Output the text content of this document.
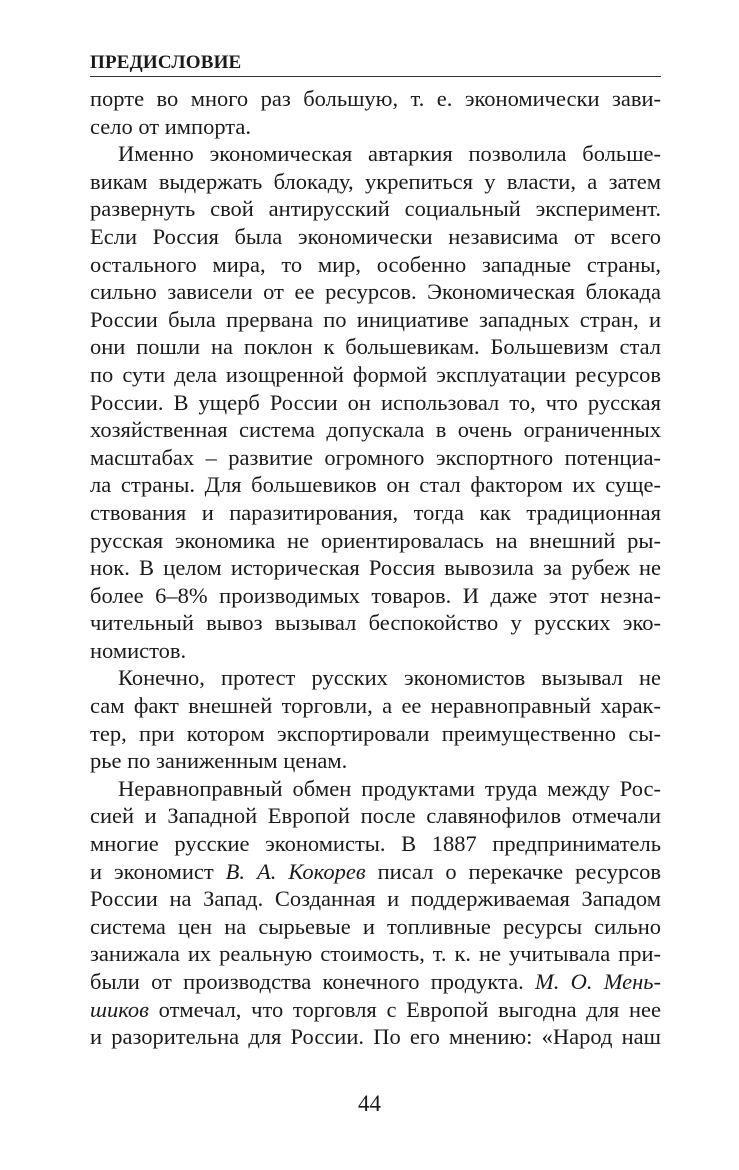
ПРЕДИСЛОВИЕ
порте во много раз большую, т. е. экономически зави-
село от импорта.
Именно экономическая автаркия позволила больше-
викам выдержать блокаду, укрепиться у власти, а затем
развернуть свой антирусский социальный эксперимент.
Если Россия была экономически независима от всего
остального мира, то мир, особенно западные страны,
сильно зависели от ее ресурсов. Экономическая блокада
России была прервана по инициативе западных стран, и
они пошли на поклон к большевикам. Большевизм стал
по сути дела изощренной формой эксплуатации ресурсов
России. В ущерб России он использовал то, что русская
хозяйственная система допускала в очень ограниченных
масштабах – развитие огромного экспортного потенциа-
ла страны. Для большевиков он стал фактором их суще-
ствования и паразитирования, тогда как традиционная
русская экономика не ориентировалась на внешний ры-
нок. В целом историческая Россия вывозила за рубеж не
более 6–8% производимых товаров. И даже этот незна-
чительный вывоз вызывал беспокойство у русских эко-
номистов.
Конечно, протест русских экономистов вызывал не
сам факт внешней торговли, а ее неравноправный харак-
тер, при котором экспортировали преимущественно сы-
рье по заниженным ценам.
Неравноправный обмен продуктами труда между Рос-
сией и Западной Европой после славянофилов отмечали
многие русские экономисты. В 1887 предприниматель
и экономист В. А. Кокорев писал о перекачке ресурсов
России на Запад. Созданная и поддерживаемая Западом
система цен на сырьевые и топливные ресурсы сильно
занижала их реальную стоимость, т. к. не учитывала при-
были от производства конечного продукта. М. О. Мень-
шиков отмечал, что торговля с Европой выгодна для нее
и разорительна для России. По его мнению: «Народ наш
44
